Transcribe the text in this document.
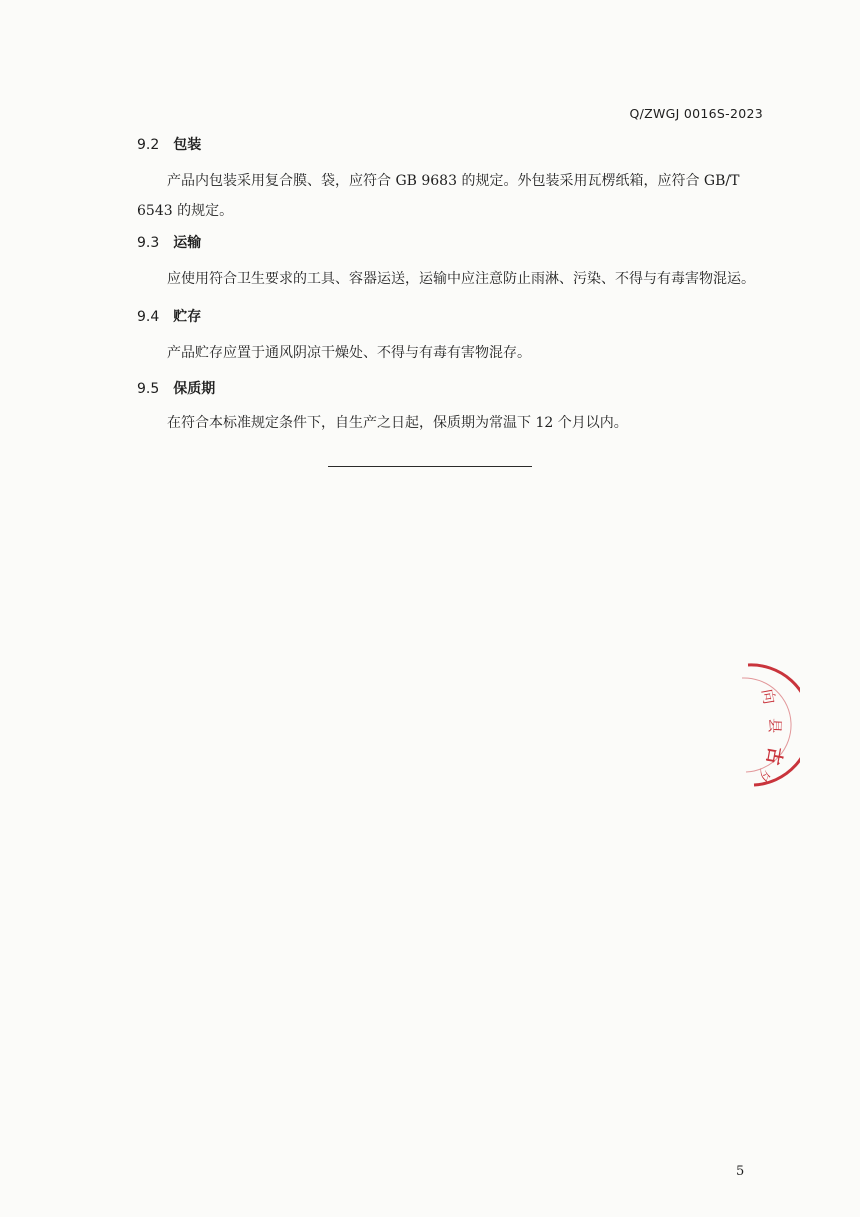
Q/ZWGJ 0016S-2023
9.2 包装
产品内包装采用复合膜、袋，应符合 GB 9683 的规定。外包装采用瓦楞纸箱，应符合 GB/T 6543 的规定。
9.3 运输
应使用符合卫生要求的工具、容器运送，运输中应注意防止雨淋、污染、不得与有毒害物混运。
9.4 贮存
产品贮存应置于通风阴凉干燥处、不得与有毒有害物混存。
9.5 保质期
在符合本标准规定条件下，自生产之日起，保质期为常温下 12 个月以内。
向
县
古
夕
5
